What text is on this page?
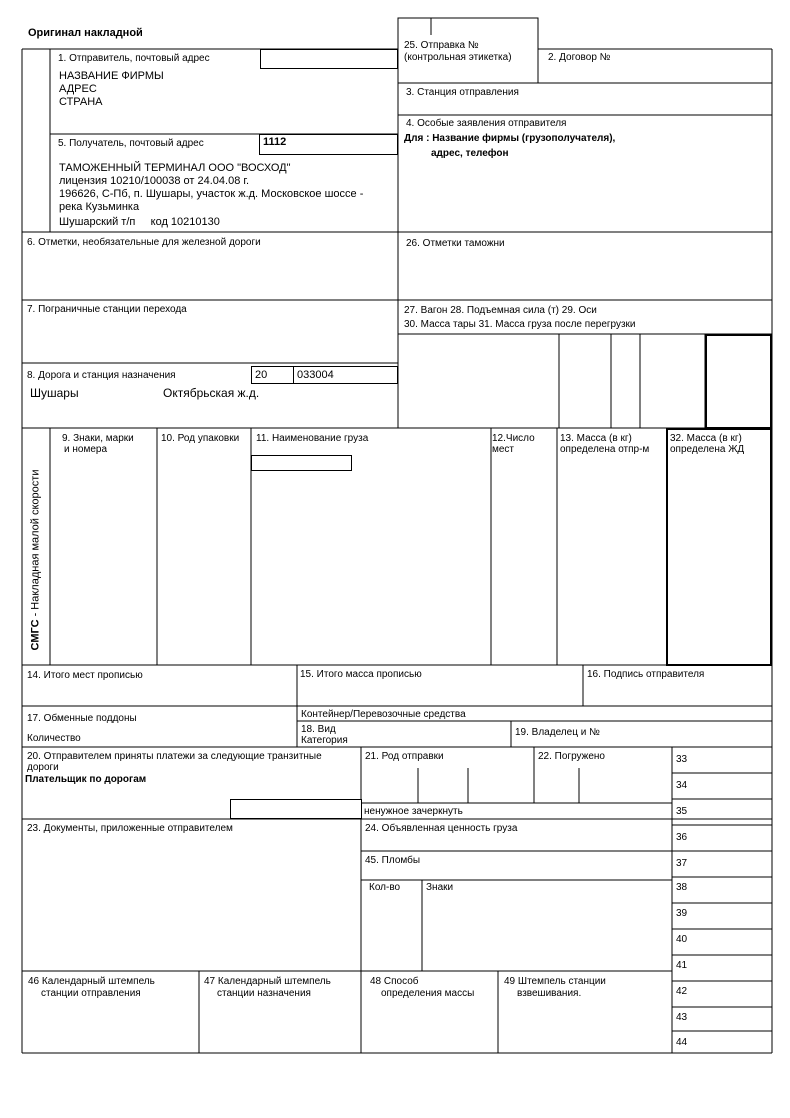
Оригинал накладной
1. Отправитель, почтовый адрес
НАЗВАНИЕ ФИРМЫ
АДРЕС
СТРАНА
25. Отправка №
(контрольная этикетка)	2. Договор №
3. Станция отправления
4. Особые заявления отправителя
Для : Название фирмы (грузополучателя),
адрес, телефон
5. Получатель, почтовый адрес	1112
ТАМОЖЕННЫЙ ТЕРМИНАЛ ООО "ВОСХОД"
лицензия 10210/100038 от 24.04.08 г.
196626, С-Пб, п. Шушары, участок ж.д. Московское шоссе -
река Кузьминка
Шушарский т/п     код 10210130
6. Отметки, необязательные для железной дороги	26. Отметки таможни
7. Пограничные станции перехода	27. Вагон 28. Подъемная сила (т) 29. Оси
30. Масса тары 31. Масса груза после перегрузки
8. Дорога и станция назначения	20	033004
Шушары	Октябрьская ж.д.
СМГС - Накладная малой скорости
9. Знаки, марки
и номера
10. Род упаковки 11. Наименование груза	12.Число
мест
13. Масса (в кг)
определена отпр-м
32. Масса (в кг)
определена ЖД
14. Итого мест прописью	15. Итого масса прописью	16. Подпись отправителя
17. Обменные поддоны
Количество
Контейнер/Перевозочные средства
18. Вид
Категория
19. Владелец и №
20. Отправителем приняты платежи за следующие транзитные
дороги
Плательщик по дорогам
21. Род отправки	22. Погружено
ненужное зачеркнуть
23. Документы, приложенные отправителем	24. Объявленная ценность груза
45. Пломбы
Кол-во	Знаки
33
34
35
36
37
38
39
40
41
42
43
44
46 Календарный штемпель
станции отправления
47 Календарный штемпель
станции назначения
48 Способ
определения массы
49 Штемпель станции
взвешивания.
